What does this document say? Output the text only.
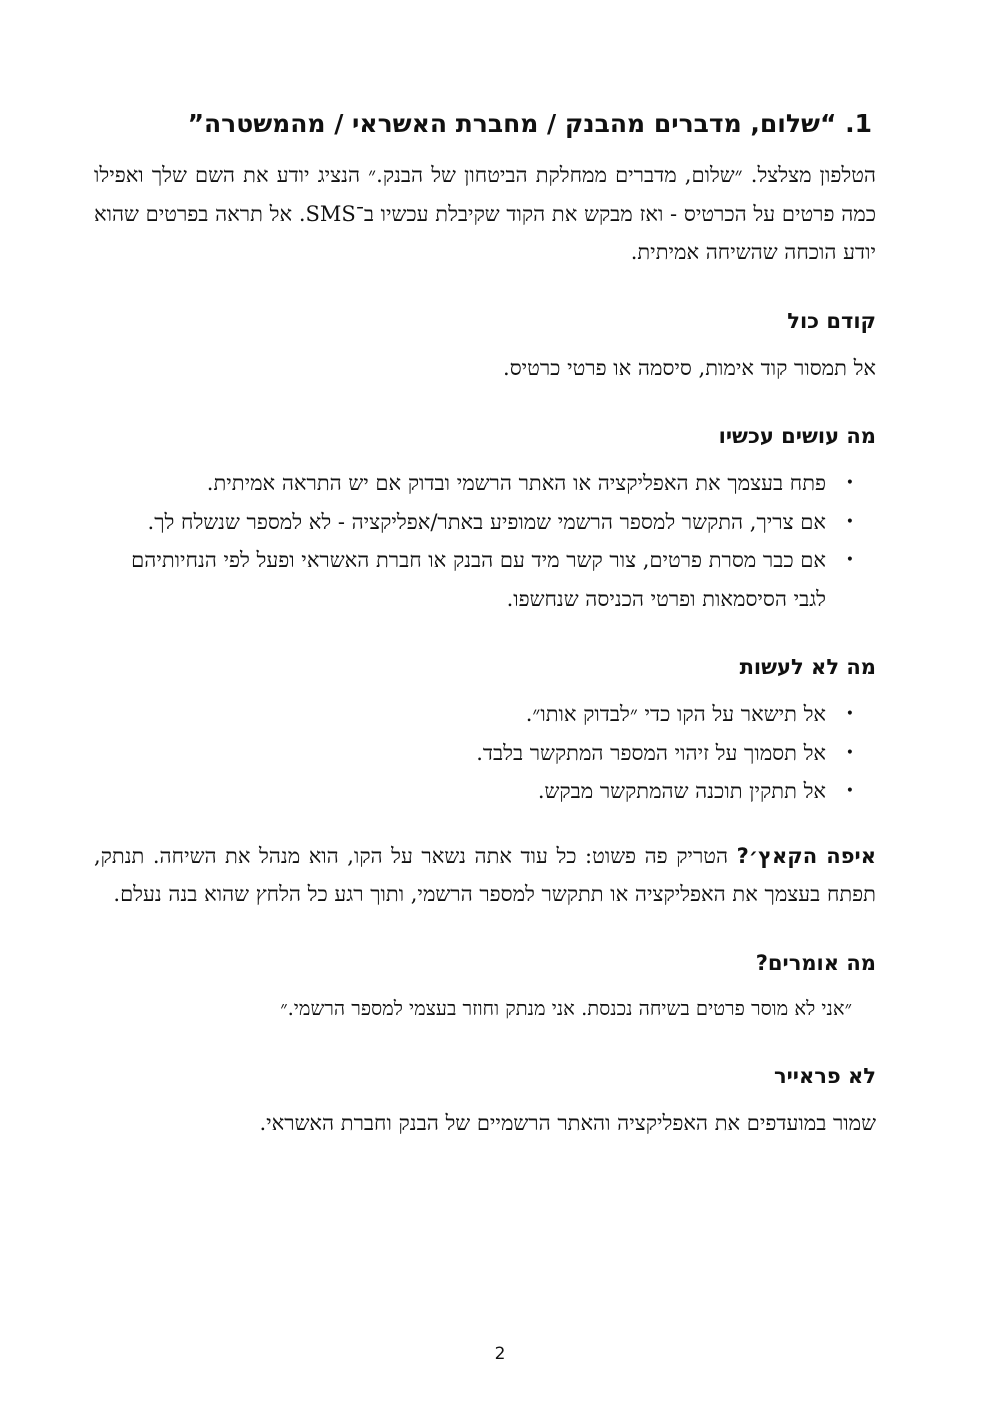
1. “שלום, מדברים מהבנק / מחברת האשראי / מהמשטרה”

הטלפון מצלצל. ״שלום, מדברים ממחלקת הביטחון של הבנק.״ הנציג יודע את השם שלך ואפילו כמה פרטים על הכרטיס - ואז מבקש את הקוד שקיבלת עכשיו ב־SMS. אל תראה בפרטים שהוא יודע הוכחה שהשיחה אמיתית.

קודם כול

אל תמסור קוד אימות, סיסמה או פרטי כרטיס.

מה עושים עכשיו
•
פתח בעצמך את האפליקציה או האתר הרשמי ובדוק אם יש התראה אמיתית.
•
אם צריך, התקשר למספר הרשמי שמופיע באתר/אפליקציה - לא למספר שנשלח לך.
•
אם כבר מסרת פרטים, צור קשר מיד עם הבנק או חברת האשראי ופעל לפי הנחיותיהם לגבי הסיסמאות ופרטי הכניסה שנחשפו.
מה לא לעשות
•
אל תישאר על הקו כדי ״לבדוק אותו״.
•
אל תסמוך על זיהוי המספר המתקשר בלבד.
•
אל תתקין תוכנה שהמתקשר מבקש.

איפה הקאץ׳? הטריק פה פשוט: כל עוד אתה נשאר על הקו, הוא מנהל את השיחה. תנתק, תפתח בעצמך את האפליקציה או תתקשר למספר הרשמי, ותוך רגע כל הלחץ שהוא בנה נעלם.

מה אומרים?

״אני לא מוסר פרטים בשיחה נכנסת. אני מנתק וחוזר בעצמי למספר הרשמי.״

לא פראייר

שמור במועדפים את האפליקציה והאתר הרשמיים של הבנק וחברת האשראי.

2
